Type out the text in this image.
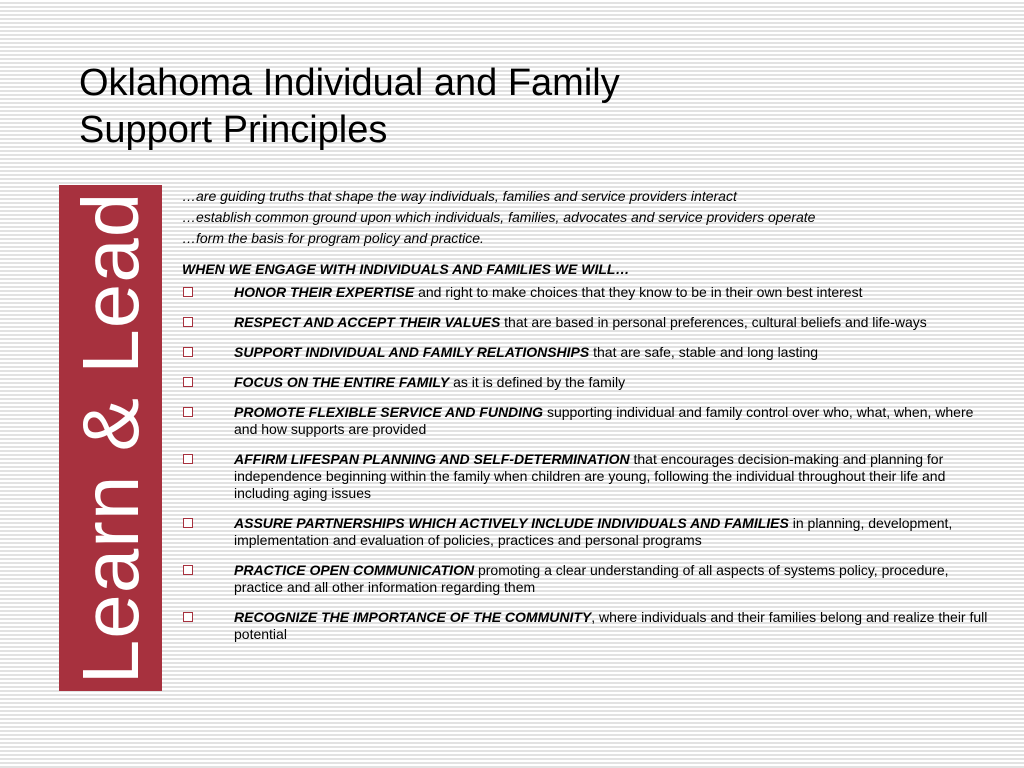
Oklahoma Individual and Family
Support Principles
Learn & Lead …are guiding truths that shape the way individuals, families and service providers interact

…establish common ground upon which individuals, families, advocates and service providers operate

…form the basis for program policy and practice.

WHEN WE ENGAGE WITH INDIVIDUALS AND FAMILIES WE WILL…

HONOR THEIR EXPERTISE and right to make choices that they know to be in their own best interest
RESPECT AND ACCEPT THEIR VALUES that are based in personal preferences, cultural beliefs and life-ways
SUPPORT INDIVIDUAL AND FAMILY RELATIONSHIPS that are safe, stable and long lasting
FOCUS ON THE ENTIRE FAMILY as it is defined by the family
PROMOTE FLEXIBLE SERVICE AND FUNDING supporting individual and family control over who, what, when, where and how supports are provided
AFFIRM LIFESPAN PLANNING AND SELF-DETERMINATION that encourages decision-making and planning for independence beginning within the family when children are young, following the individual throughout their life and including aging issues
ASSURE PARTNERSHIPS WHICH ACTIVELY INCLUDE INDIVIDUALS AND FAMILIES in planning, development, implementation and evaluation of policies, practices and personal programs
PRACTICE OPEN COMMUNICATION promoting a clear understanding of all aspects of systems policy, procedure, practice and all other information regarding them
RECOGNIZE THE IMPORTANCE OF THE COMMUNITY, where individuals and their families belong and realize their full potential
